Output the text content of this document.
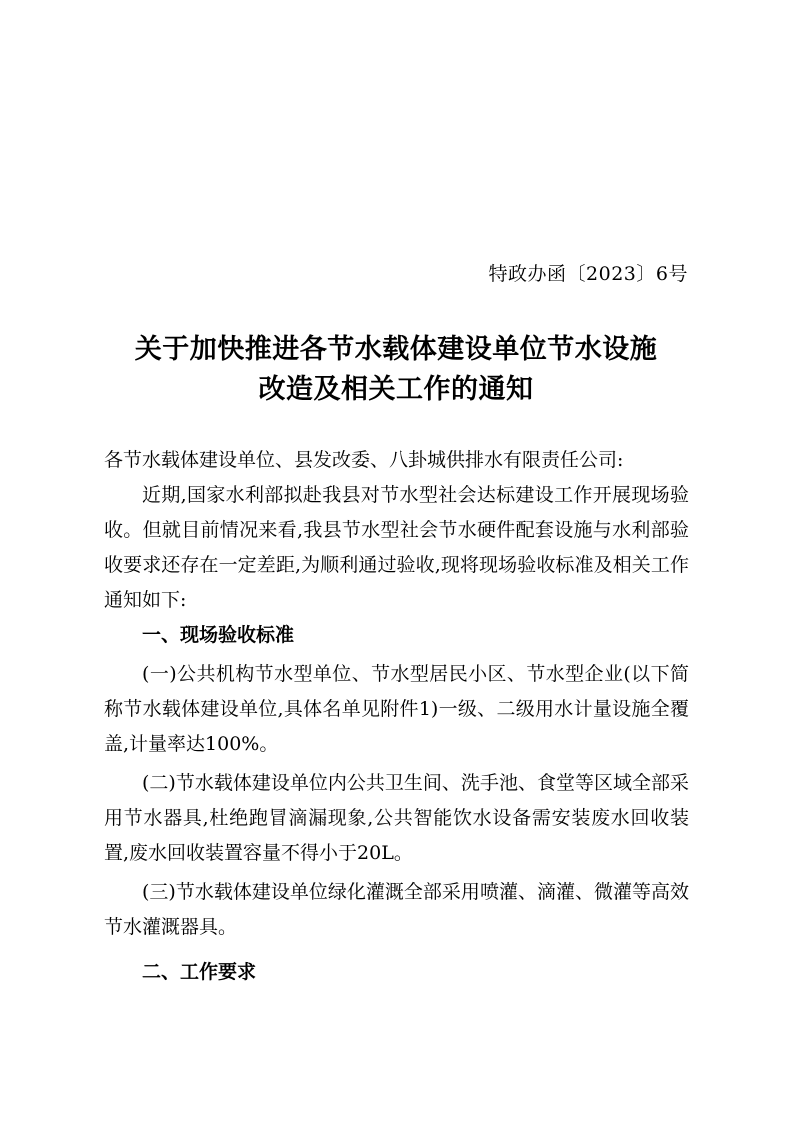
特政办函〔2023〕6号
关于加快推进各节水载体建设单位节水设施
改造及相关工作的通知

各节水载体建设单位、县发改委、八卦城供排水有限责任公司:

近期,国家水利部拟赴我县对节水型社会达标建设工作开展现场验收。但就目前情况来看,我县节水型社会节水硬件配套设施与水利部验收要求还存在一定差距,为顺利通过验收,现将现场验收标准及相关工作通知如下:

一、现场验收标准

(一)公共机构节水型单位、节水型居民小区、节水型企业(以下简称节水载体建设单位,具体名单见附件1)一级、二级用水计量设施全覆盖,计量率达100%。

(二)节水载体建设单位内公共卫生间、洗手池、食堂等区域全部采用节水器具,杜绝跑冒滴漏现象,公共智能饮水设备需安装废水回收装置,废水回收装置容量不得小于20L。

(三)节水载体建设单位绿化灌溉全部采用喷灌、滴灌、微灌等高效节水灌溉器具。

二、工作要求
